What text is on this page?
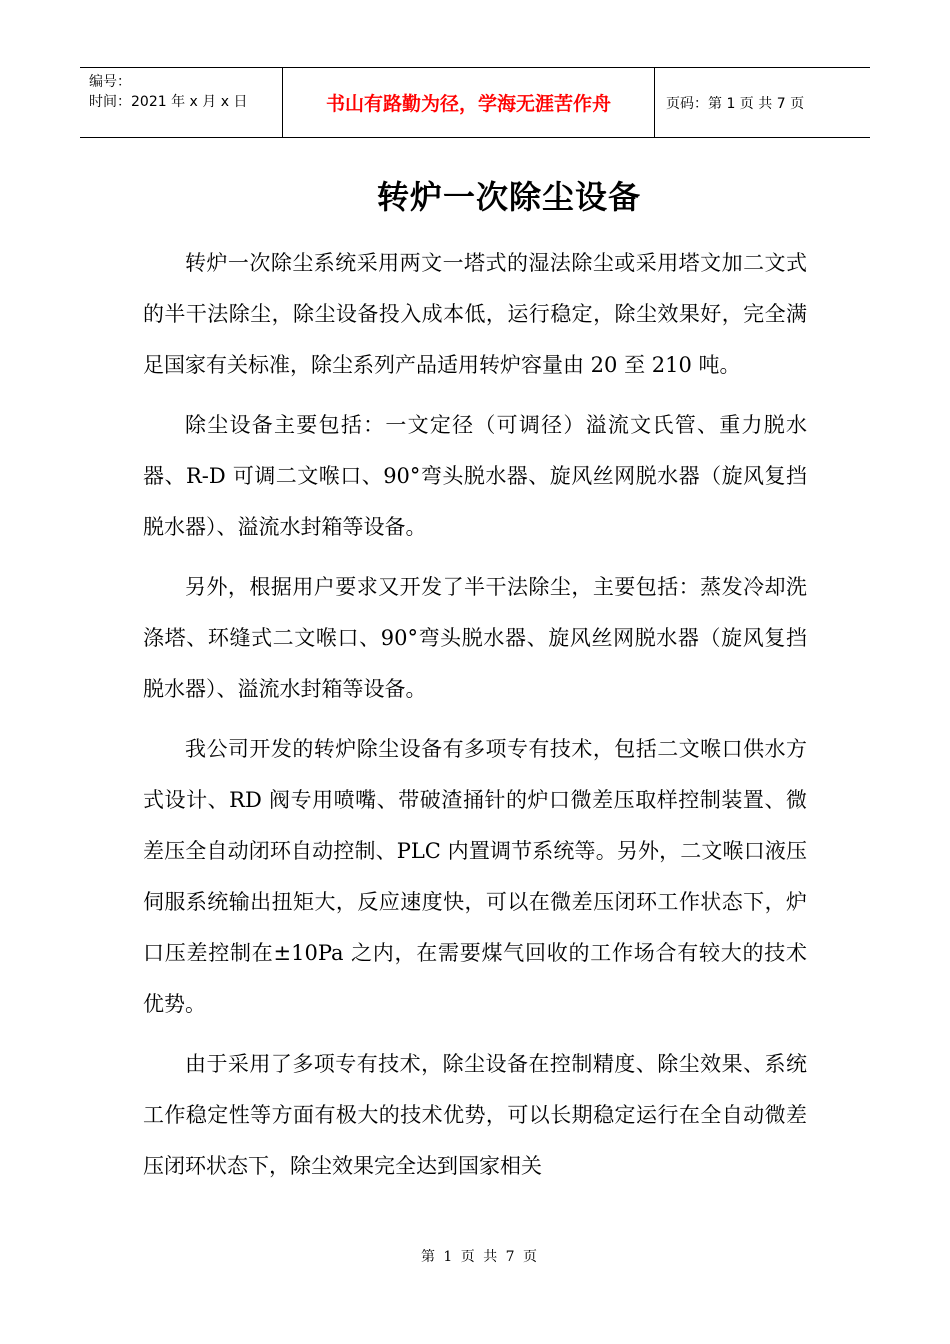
编号：
时间：2021 年 x 月 x 日	书山有路勤为径，学海无涯苦作舟	页码：第 1 页 共 7 页
转炉一次除尘设备

转炉一次除尘系统采用两文一塔式的湿法除尘或采用塔文加二文式的半干法除尘，除尘设备投入成本低，运行稳定，除尘效果好，完全满足国家有关标准，除尘系列产品适用转炉容量由 20 至 210 吨。

除尘设备主要包括：一文定径（可调径）溢流文氏管、重力脱水器、R-D 可调二文喉口、90°弯头脱水器、旋风丝网脱水器（旋风复挡脱水器）、溢流水封箱等设备。

另外，根据用户要求又开发了半干法除尘，主要包括：蒸发冷却洗涤塔、环缝式二文喉口、90°弯头脱水器、旋风丝网脱水器（旋风复挡脱水器）、溢流水封箱等设备。

我公司开发的转炉除尘设备有多项专有技术，包括二文喉口供水方式设计、RD 阀专用喷嘴、带破渣捅针的炉口微差压取样控制装置、微差压全自动闭环自动控制、PLC 内置调节系统等。另外，二文喉口液压伺服系统输出扭矩大，反应速度快，可以在微差压闭环工作状态下，炉口压差控制在±10Pa 之内，在需要煤气回收的工作场合有较大的技术优势。

由于采用了多项专有技术，除尘设备在控制精度、除尘效果、系统工作稳定性等方面有极大的技术优势，可以长期稳定运行在全自动微差压闭环状态下，除尘效果完全达到国家相关

第 1 页 共 7 页
